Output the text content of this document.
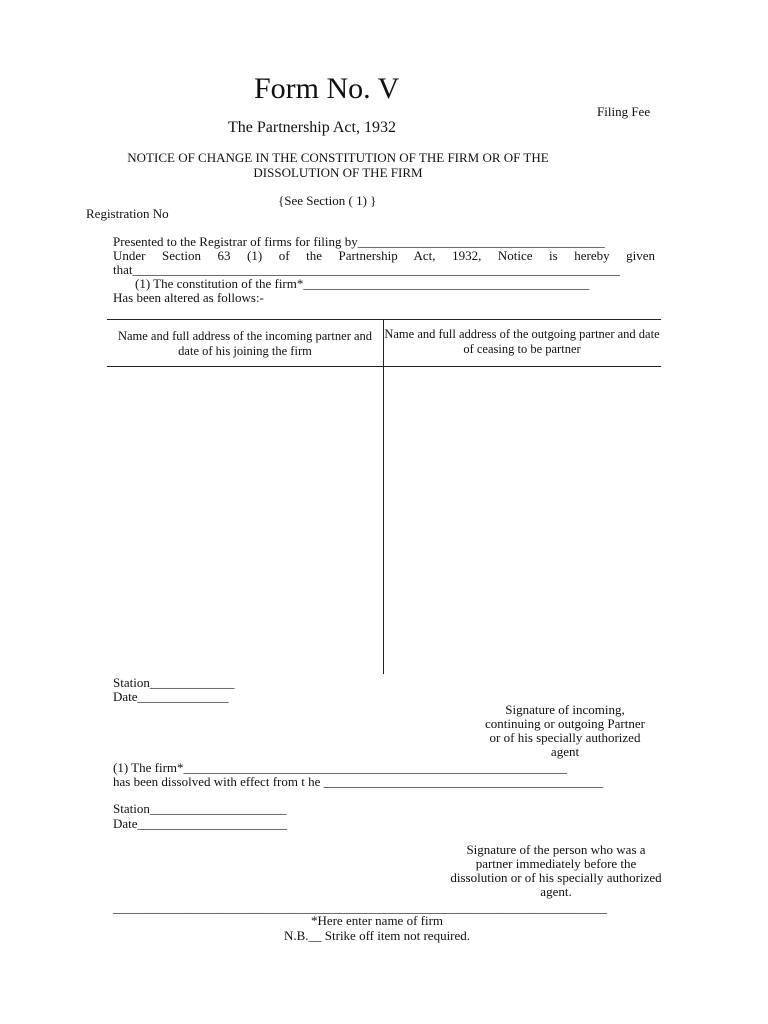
Form No. V
Filing Fee
The Partnership Act, 1932
NOTICE OF CHANGE IN THE CONSTITUTION OF THE FIRM OR OF THE
DISSOLUTION OF THE FIRM
{See Section ( 1) }
Registration No
Presented to the Registrar of firms for filing by______________________________________
Under Section 63 (1) of the Partnership Act, 1932, Notice is hereby given
that___________________________________________________________________________
(1) The constitution of the firm*____________________________________________
Has been altered as follows:-
Name and full address of the incoming partner and date of his joining the firm
Name and full address of the outgoing partner and date of ceasing to be partner
Station_____________
Date______________
Signature of incoming, continuing or outgoing Partner or of his specially authorized agent
(1) The firm*___________________________________________________________
has been dissolved with effect from t he ___________________________________________
Station_____________________
Date_______________________
Signature of the person who was a partner immediately before the dissolution or of his specially authorized agent.
____________________________________________________________________________
*Here enter name of firm
N.B.__ Strike off item not required.
